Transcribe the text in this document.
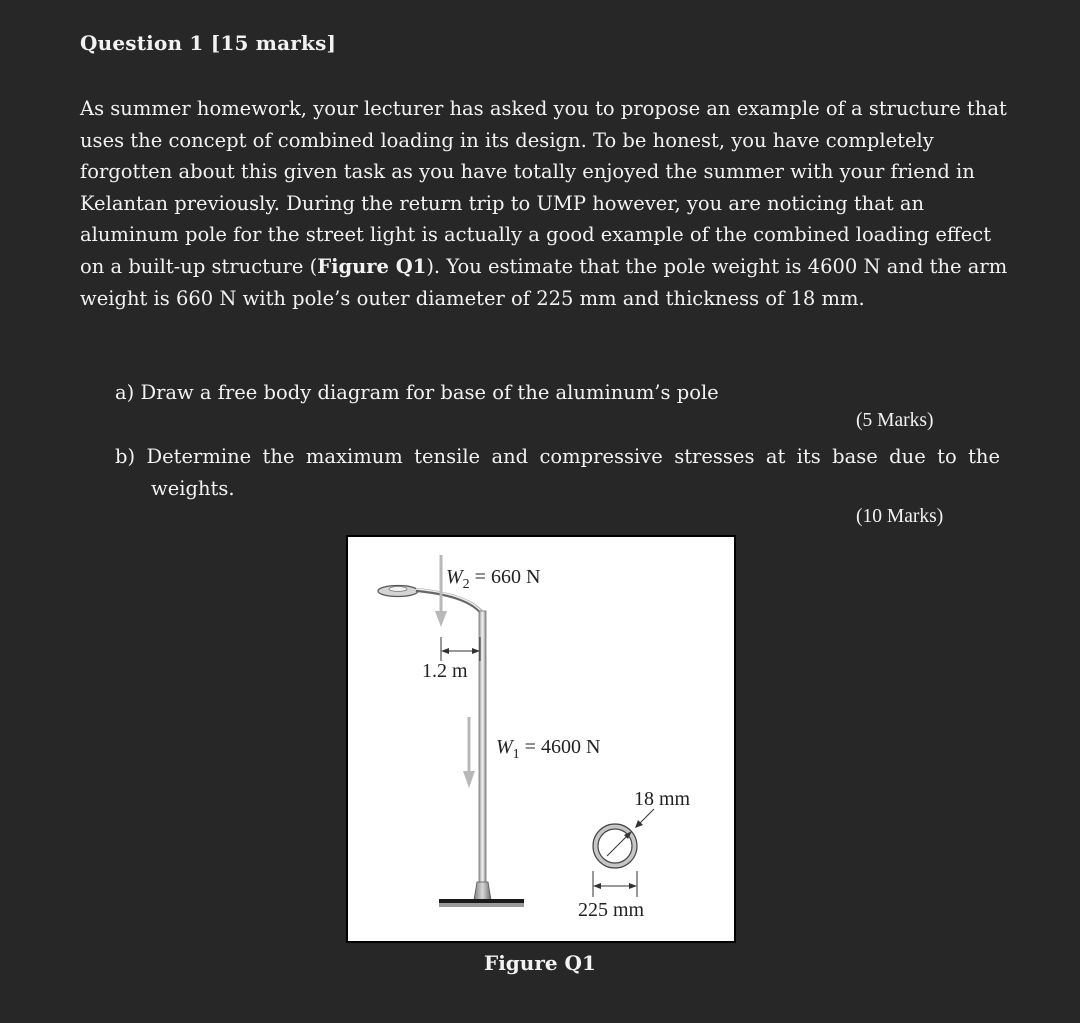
Question 1 [15 marks]

As summer homework, your lecturer has asked you to propose an example of a structure that uses the concept of combined loading in its design. To be honest, you have completely forgotten about this given task as you have totally enjoyed the summer with your friend in Kelantan previously. During the return trip to UMP however, you are noticing that an aluminum pole for the street light is actually a good example of the combined loading effect on a built-up structure (Figure Q1). You estimate that the pole weight is 4600 N and the arm weight is 660 N with pole’s outer diameter of 225 mm and thickness of 18 mm.

a) Draw a free body diagram for base of the aluminum’s pole

(5 Marks)

b) Determine the maximum tensile and compressive stresses at its base due to the weights.

(10 Marks)

$W_2 = 660$ N
1.2 m
$W_1 = 4600$ N
18 mm
225 mm

Figure Q1
